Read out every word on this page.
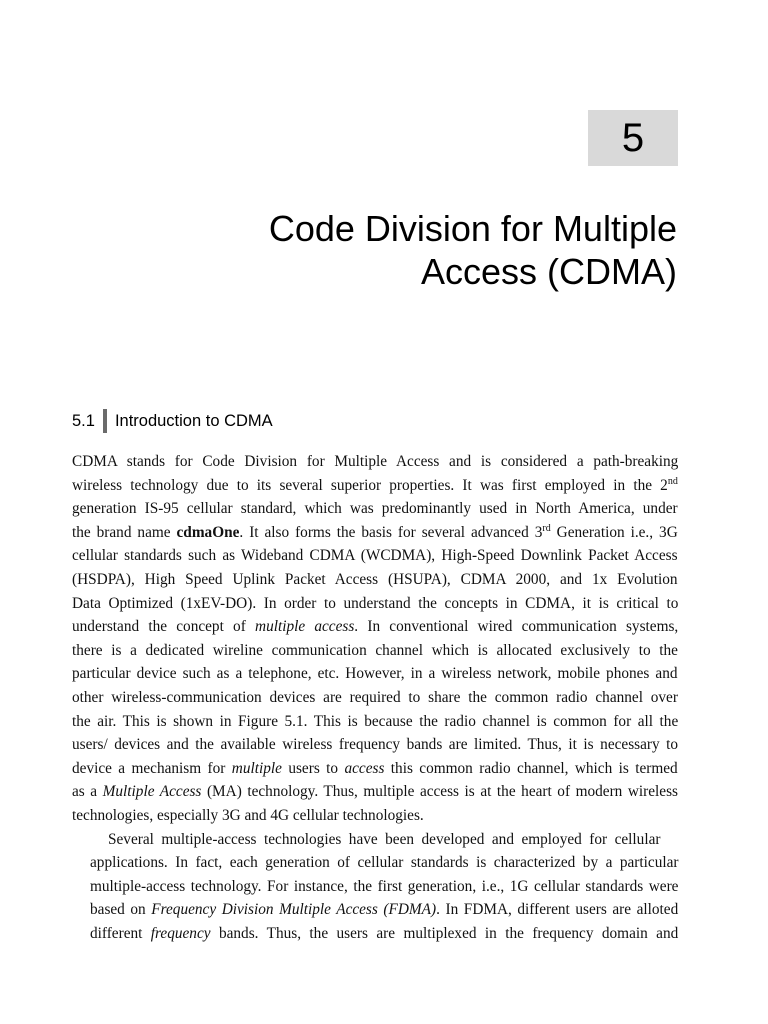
5
Code Division for Multiple
Access (CDMA)
5.1 Introduction to CDMA

CDMA stands for Code Division for Multiple Access and is considered a path-breaking
wireless technology due to its several superior properties. It was first employed in the 2nd
generation IS-95 cellular standard, which was predominantly used in North America, under
the brand name cdmaOne. It also forms the basis for several advanced 3rd Generation i.e., 3G
cellular standards such as Wideband CDMA (WCDMA), High-Speed Downlink Packet Access
(HSDPA), High Speed Uplink Packet Access (HSUPA), CDMA 2000, and 1x Evolution
Data Optimized (1xEV-DO). In order to understand the concepts in CDMA, it is critical to
understand the concept of multiple access. In conventional wired communication systems,
there is a dedicated wireline communication channel which is allocated exclusively to the
particular device such as a telephone, etc. However, in a wireless network, mobile phones and
other wireless-communication devices are required to share the common radio channel over
the air. This is shown in Figure 5.1. This is because the radio channel is common for all the
users/ devices and the available wireless frequency bands are limited. Thus, it is necessary to
device a mechanism for multiple users to access this common radio channel, which is termed
as a Multiple Access (MA) technology. Thus, multiple access is at the heart of modern wireless
technologies, especially 3G and 4G cellular technologies.

Several multiple-access technologies have been developed and employed for cellular
applications. In fact, each generation of cellular standards is characterized by a particular
multiple-access technology. For instance, the first generation, i.e., 1G cellular standards were
based on Frequency Division Multiple Access (FDMA). In FDMA, different users are alloted
different frequency bands. Thus, the users are multiplexed in the frequency domain and
